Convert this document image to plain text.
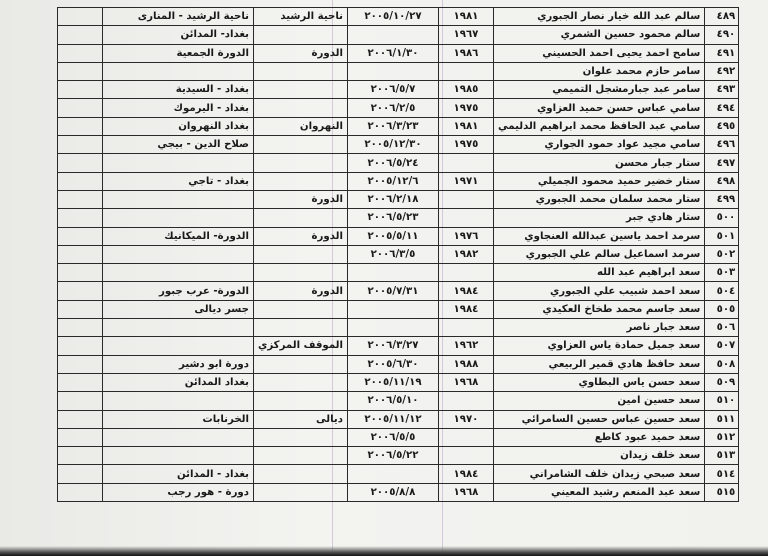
٤٨٩	سالم عبد الله خيار نصار الجبوري	١٩٨١	٢٠٠٥/١٠/٢٧	ناحية الرشيد	ناحية الرشيد - المنارى	
٤٩٠	سالم محمود حسين الشمري	١٩٦٧			بغداد- المدائن	
٤٩١	سامح احمد يحيى احمد الحسيني	١٩٨٦	٢٠٠٦/١/٣٠	الدورة	الدورة الجمعية	
٤٩٢	سامر حازم محمد علوان					
٤٩٣	سامر عبد جبارمشجل التميمي	١٩٨٥	٢٠٠٦/٥/٧		بغداد - السيدية	
٤٩٤	سامي عباس حسن حميد العزاوي	١٩٧٥	٢٠٠٦/٢/٥		بغداد - اليرموك	
٤٩٥	سامي عبد الحافظ محمد ابراهيم الدليمي	١٩٨١	٢٠٠٦/٣/٢٣	النهروان	بغداد النهروان	
٤٩٦	سامي مجيد عواد حمود الجواري	١٩٧٥	٢٠٠٥/١٢/٣٠		صلاح الدين - بيجي	
٤٩٧	ستار جبار محسن		٢٠٠٦/٥/٢٤			
٤٩٨	ستار خضير حميد محمود الجميلي	١٩٧١	٢٠٠٥/١٢/٦		بغداد - تاجي	
٤٩٩	ستار محمد سلمان محمد الجبوري		٢٠٠٦/٢/١٨	الدورة		
٥٠٠	ستار هادي جبر		٢٠٠٦/٥/٢٣			
٥٠١	سرمد احمد ياسين عبدالله العنجاوي	١٩٧٦	٢٠٠٥/٥/١١	الدورة	الدورة- الميكانيك	
٥٠٢	سرمد اسماعيل سالم علي الجبوري	١٩٨٢	٢٠٠٦/٣/٥			
٥٠٣	سعد ابراهيم عبد الله					
٥٠٤	سعد احمد شبيب علي الجبوري	١٩٨٤	٢٠٠٥/٧/٣١	الدورة	الدورة- عرب جبور	
٥٠٥	سعد جاسم محمد طخاخ العكيدي	١٩٨٤			جسر ديالى	
٥٠٦	سعد جبار ناصر					
٥٠٧	سعد جميل حمادة ياس العزاوي	١٩٦٢	٢٠٠٦/٣/٢٧	الموقف المركزي		
٥٠٨	سعد حافظ هادي قمير الربيعي	١٩٨٨	٢٠٠٥/٦/٣٠		دورة ابو دشير	
٥٠٩	سعد حسن ياس البطاوي	١٩٦٨	٢٠٠٥/١١/١٩		بغداد المدائن	
٥١٠	سعد حسين امين		٢٠٠٦/٥/١٠			
٥١١	سعد حسين عباس حسين السامرائي	١٩٧٠	٢٠٠٥/١١/١٢	ديالى	الخرنابات	
٥١٢	سعد حميد عبود كاطع		٢٠٠٦/٥/٥			
٥١٣	سعد خلف زيدان		٢٠٠٦/٥/٢٢			
٥١٤	سعد صبحي زيدان خلف الشامراني	١٩٨٤			بغداد - المدائن	
٥١٥	سعد عبد المنعم رشيد المعيني	١٩٦٨	٢٠٠٥/٨/٨		دورة - هور رجب	
